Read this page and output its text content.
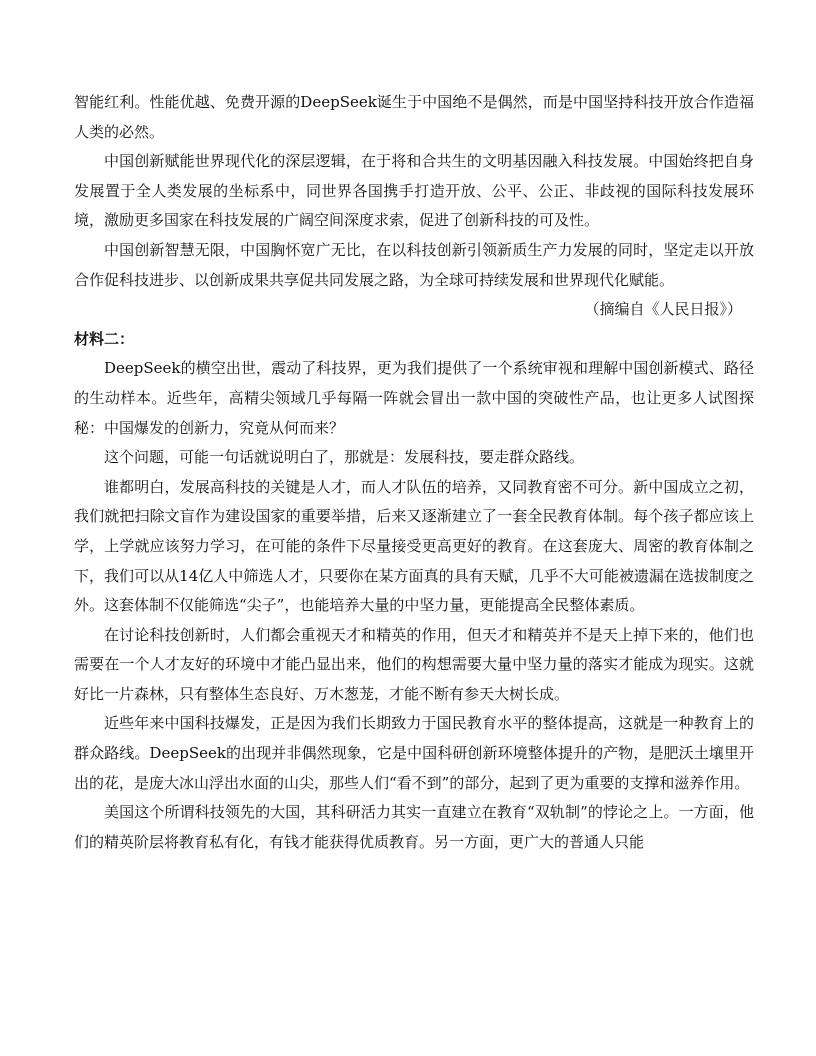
智能红利。性能优越、免费开源的DeepSeek诞生于中国绝不是偶然，而是中国坚持科技开放合作造福人类的必然。

中国创新赋能世界现代化的深层逻辑，在于将和合共生的文明基因融入科技发展。中国始终把自身发展置于全人类发展的坐标系中，同世界各国携手打造开放、公平、公正、非歧视的国际科技发展环境，激励更多国家在科技发展的广阔空间深度求索，促进了创新科技的可及性。

中国创新智慧无限，中国胸怀宽广无比，在以科技创新引领新质生产力发展的同时，坚定走以开放合作促科技进步、以创新成果共享促共同发展之路，为全球可持续发展和世界现代化赋能。

（摘编自《人民日报》）

材料二：

DeepSeek的横空出世，震动了科技界，更为我们提供了一个系统审视和理解中国创新模式、路径的生动样本。近些年，高精尖领域几乎每隔一阵就会冒出一款中国的突破性产品，也让更多人试图探秘：中国爆发的创新力，究竟从何而来？

这个问题，可能一句话就说明白了，那就是：发展科技，要走群众路线。

谁都明白，发展高科技的关键是人才，而人才队伍的培养，又同教育密不可分。新中国成立之初，我们就把扫除文盲作为建设国家的重要举措，后来又逐渐建立了一套全民教育体制。每个孩子都应该上学，上学就应该努力学习，在可能的条件下尽量接受更高更好的教育。在这套庞大、周密的教育体制之下，我们可以从14亿人中筛选人才，只要你在某方面真的具有天赋，几乎不大可能被遗漏在选拔制度之外。这套体制不仅能筛选“尖子”，也能培养大量的中坚力量，更能提高全民整体素质。

在讨论科技创新时，人们都会重视天才和精英的作用，但天才和精英并不是天上掉下来的，他们也需要在一个人才友好的环境中才能凸显出来，他们的构想需要大量中坚力量的落实才能成为现实。这就好比一片森林，只有整体生态良好、万木葱茏，才能不断有参天大树长成。

近些年来中国科技爆发，正是因为我们长期致力于国民教育水平的整体提高，这就是一种教育上的群众路线。DeepSeek的出现并非偶然现象，它是中国科研创新环境整体提升的产物，是肥沃土壤里开出的花，是庞大冰山浮出水面的山尖，那些人们“看不到”的部分，起到了更为重要的支撑和滋养作用。

美国这个所谓科技领先的大国，其科研活力其实一直建立在教育“双轨制”的悖论之上。一方面，他们的精英阶层将教育私有化，有钱才能获得优质教育。另一方面，更广大的普通人只能
